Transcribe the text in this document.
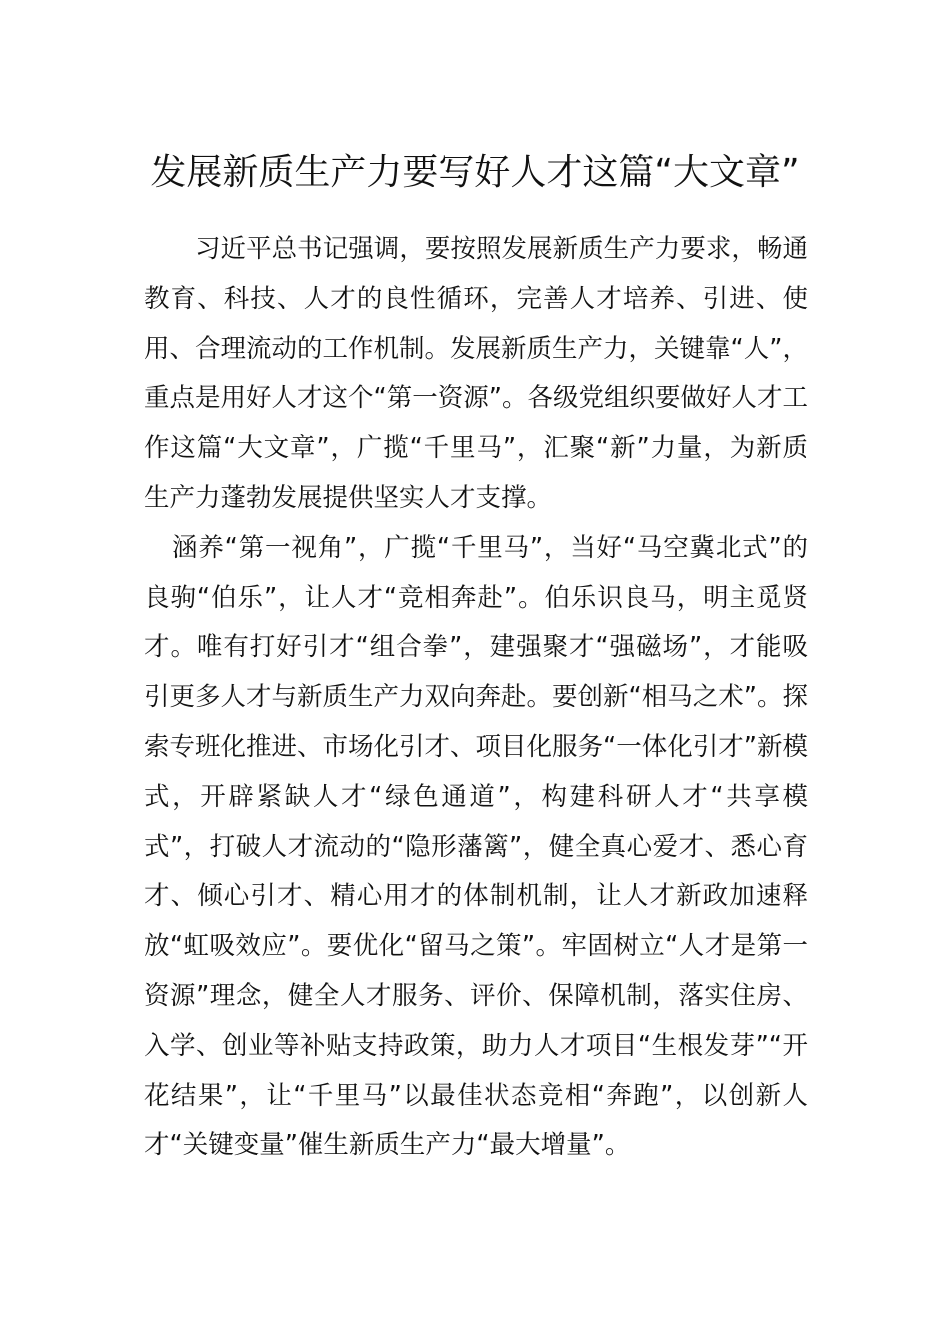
发展新质生产力要写好人才这篇“大文章”

习近平总书记强调，要按照发展新质生产力要求，畅通教育、科技、人才的良性循环，完善人才培养、引进、使用、合理流动的工作机制。发展新质生产力，关键靠“人”，重点是用好人才这个“第一资源”。各级党组织要做好人才工作这篇“大文章”，广揽“千里马”，汇聚“新”力量，为新质生产力蓬勃发展提供坚实人才支撑。

涵养“第一视角”，广揽“千里马”，当好“马空冀北式”的良驹“伯乐”，让人才“竞相奔赴”。伯乐识良马，明主觅贤才。唯有打好引才“组合拳”，建强聚才“强磁场”，才能吸引更多人才与新质生产力双向奔赴。要创新“相马之术”。探索专班化推进、市场化引才、项目化服务“一体化引才”新模式，开辟紧缺人才“绿色通道”，构建科研人才“共享模式”，打破人才流动的“隐形藩篱”，健全真心爱才、悉心育才、倾心引才、精心用才的体制机制，让人才新政加速释放“虹吸效应”。要优化“留马之策”。牢固树立“人才是第一资源”理念，健全人才服务、评价、保障机制，落实住房、入学、创业等补贴支持政策，助力人才项目“生根发芽”“开花结果”，让“千里马”以最佳状态竞相“奔跑”，以创新人才“关键变量”催生新质生产力“最大增量”。
